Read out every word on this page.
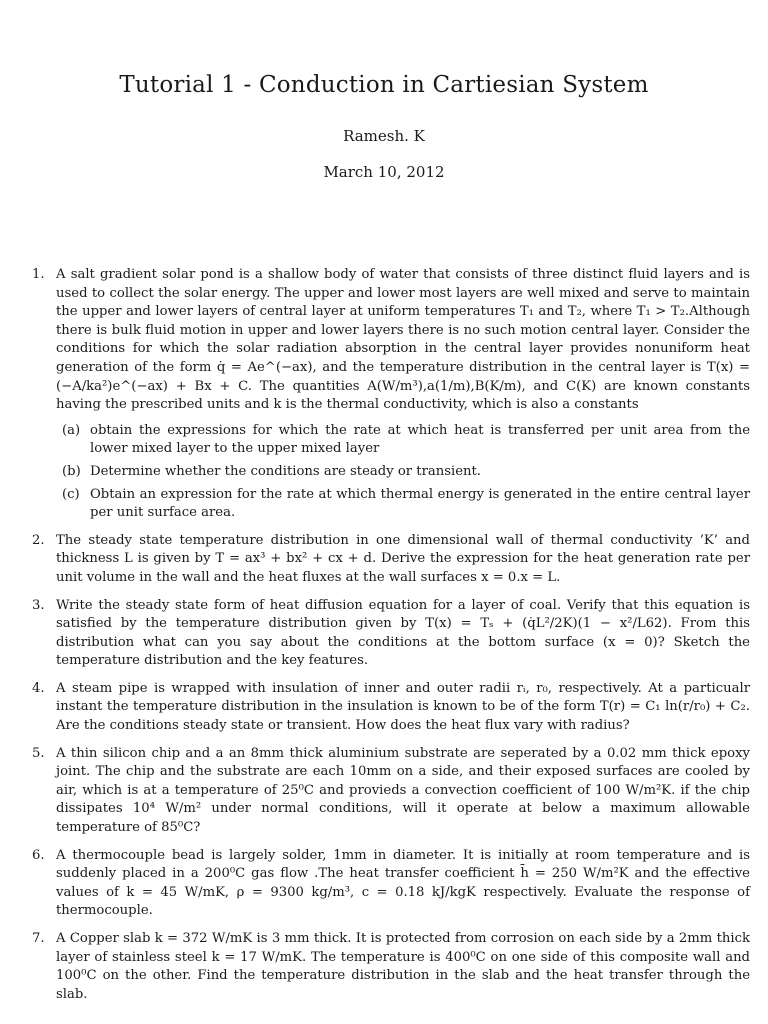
Tutorial 1 - Conduction in Cartiesian System
Ramesh. K
March 10, 2012
1. A salt gradient solar pond is a shallow body of water that consists of three distinct fluid layers and is used to collect the solar energy. The upper and lower most layers are well mixed and serve to maintain the upper and lower layers of central layer at uniform temperatures T₁ and T₂, where T₁ > T₂.Although there is bulk fluid motion in upper and lower layers there is no such motion central layer. Consider the conditions for which the solar radiation absorption in the central layer provides nonuniform heat generation of the form q̇ = Ae^(−ax), and the temperature distribution in the central layer is T(x) = (−A/ka²)e^(−ax) + Bx + C. The quantities A(W/m³),a(1/m),B(K/m), and C(K) are known constants having the prescribed units and k is the thermal conductivity, which is also a constants
(a) obtain the expressions for which the rate at which heat is transferred per unit area from the lower mixed layer to the upper mixed layer
(b) Determine whether the conditions are steady or transient.
(c) Obtain an expression for the rate at which thermal energy is generated in the entire central layer per unit surface area.
2. The steady state temperature distribution in one dimensional wall of thermal conductivity ’K’ and thickness L is given by T = ax³ + bx² + cx + d. Derive the expression for the heat generation rate per unit volume in the wall and the heat fluxes at the wall surfaces x = 0.x = L.
3. Write the steady state form of heat diffusion equation for a layer of coal. Verify that this equation is satisfied by the temperature distribution given by T(x) = Tₛ + (q̇L²/2K)(1 − x²/L62). From this distribution what can you say about the conditions at the bottom surface (x = 0)? Sketch the temperature distribution and the key features.
4. A steam pipe is wrapped with insulation of inner and outer radii rᵢ, r₀, respectively. At a particualr instant the temperature distribution in the insulation is known to be of the form T(r) = C₁ ln(r/r₀) + C₂. Are the conditions steady state or transient. How does the heat flux vary with radius?
5. A thin silicon chip and a an 8mm thick aluminium substrate are seperated by a 0.02 mm thick epoxy joint. The chip and the substrate are each 10mm on a side, and their exposed surfaces are cooled by air, which is at a temperature of 25⁰C and provieds a convection coefficient of 100 W/m²K. if the chip dissipates 10⁴ W/m² under normal conditions, will it operate at below a maximum allowable temperature of 85⁰C?
6. A thermocouple bead is largely solder, 1mm in diameter. It is initially at room temperature and is suddenly placed in a 200⁰C gas flow .The heat transfer coefficient h̄ = 250 W/m²K and the effective values of k = 45 W/mK, ρ = 9300 kg/m³, c = 0.18 kJ/kgK respectively. Evaluate the response of thermocouple.
7. A Copper slab k = 372 W/mK is 3 mm thick. It is protected from corrosion on each side by a 2mm thick layer of stainless steel k = 17 W/mK. The temperature is 400⁰C on one side of this composite wall and 100⁰C on the other. Find the temperature distribution in the slab and the heat transfer through the slab.
